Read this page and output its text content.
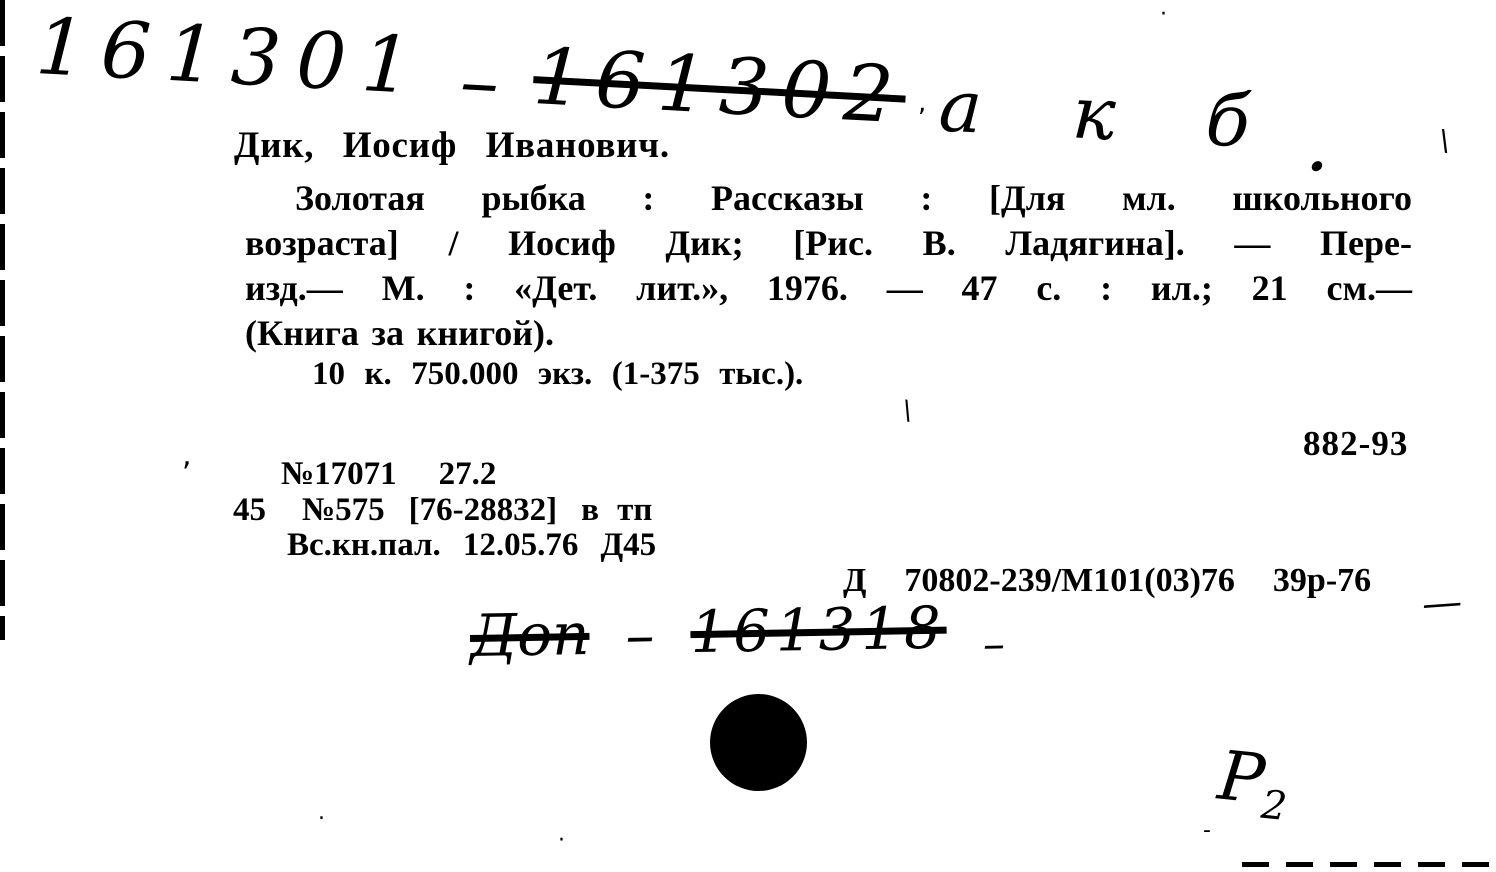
161301 – 161302 а к б .
Дик, Иосиф Иванович.
Золотая рыбка : Рассказы : [Для мл. школьного
возраста] / Иосиф Дик; [Рис. В. Ладягина]. — Пере-
изд.— М. : «Дет. лит.», 1976. — 47 с. : ил.; 21 см.—
(Книга за книгой).
10 к. 750.000 экз. (1-375 тыс.).
882-93
№17071 27.2
45 №575 [76-28832] в тп
Вс.кн.пал. 12.05.76 Д45
Д 70802-239/М101(03)76 39р-76 —
Доп – 161318 –
$P_2$
\
\
,
,
.
-
·
·
